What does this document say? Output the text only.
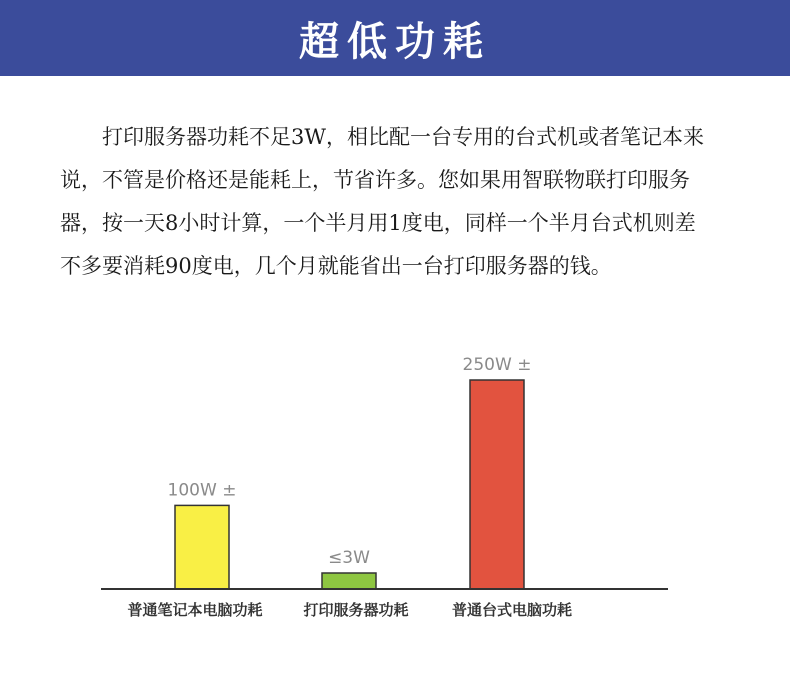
超低功耗

打印服务器功耗不足3W，相比配一台专用的台式机或者笔记本来说，不管是价格还是能耗上，节省许多。您如果用智联物联打印服务器，按一天8小时计算，一个半月用1度电，同样一个半月台式机则差不多要消耗90度电，几个月就能省出一台打印服务器的钱。

100W ±
普通笔记本电脑功耗
≤3W
打印服务器功耗
250W ±
普通台式电脑功耗
